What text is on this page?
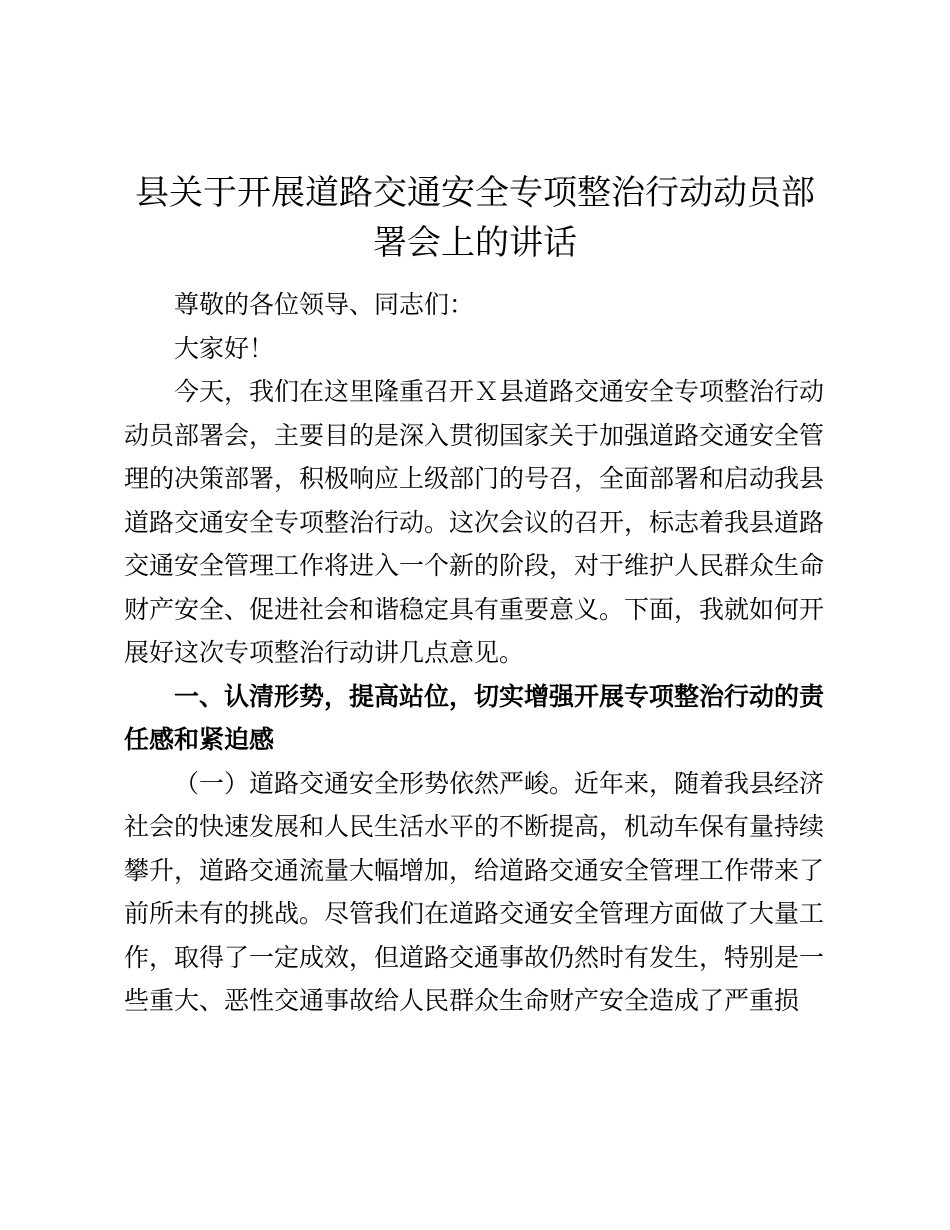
县关于开展道路交通安全专项整治行动动员部署会上的讲话

尊敬的各位领导、同志们：

大家好！

今天，我们在这里隆重召开Ｘ县道路交通安全专项整治行动动员部署会，主要目的是深入贯彻国家关于加强道路交通安全管理的决策部署，积极响应上级部门的号召，全面部署和启动我县道路交通安全专项整治行动。这次会议的召开，标志着我县道路交通安全管理工作将进入一个新的阶段，对于维护人民群众生命财产安全、促进社会和谐稳定具有重要意义。下面，我就如何开展好这次专项整治行动讲几点意见。

一、认清形势，提高站位，切实增强开展专项整治行动的责任感和紧迫感

（一）道路交通安全形势依然严峻。近年来，随着我县经济社会的快速发展和人民生活水平的不断提高，机动车保有量持续攀升，道路交通流量大幅增加，给道路交通安全管理工作带来了前所未有的挑战。尽管我们在道路交通安全管理方面做了大量工作，取得了一定成效，但道路交通事故仍然时有发生，特别是一些重大、恶性交通事故给人民群众生命财产安全造成了严重损
